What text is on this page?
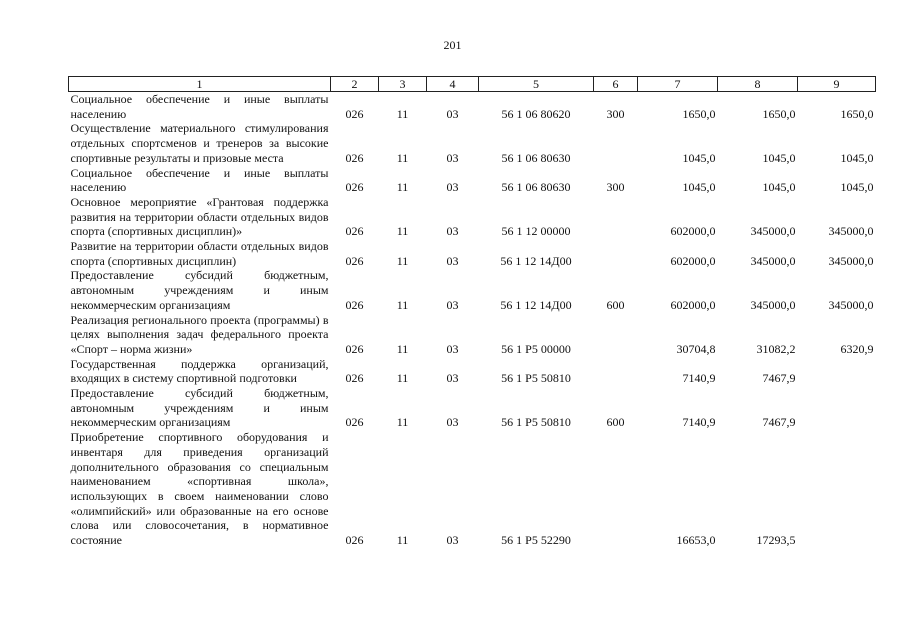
201
1	2	3	4	5	6	7	8	9
Социальное обеспечение и иные выплаты населению	026	11	03	56 1 06 80620	300	1650,0	1650,0	1650,0
Осуществление материального стимулирования отдельных спортсменов и тренеров за высокие спортивные результаты и призовые места	026	11	03	56 1 06 80630		1045,0	1045,0	1045,0
Социальное обеспечение и иные выплаты населению	026	11	03	56 1 06 80630	300	1045,0	1045,0	1045,0
Основное мероприятие «Грантовая поддержка развития на территории области отдельных видов спорта (спортивных дисциплин)»	026	11	03	56 1 12 00000		602000,0	345000,0	345000,0
Развитие на территории области отдельных видов спорта (спортивных дисциплин)	026	11	03	56 1 12 14Д00		602000,0	345000,0	345000,0
Предоставление субсидий бюджетным, автономным учреждениям и иным некоммерческим организациям	026	11	03	56 1 12 14Д00	600	602000,0	345000,0	345000,0
Реализация регионального проекта (программы) в целях выполнения задач федерального проекта «Спорт – норма жизни»	026	11	03	56 1 Р5 00000		30704,8	31082,2	6320,9
Государственная поддержка организаций, входящих в систему спортивной подготовки	026	11	03	56 1 Р5 50810		7140,9	7467,9	
Предоставление субсидий бюджетным, автономным учреждениям и иным некоммерческим организациям	026	11	03	56 1 Р5 50810	600	7140,9	7467,9	
Приобретение спортивного оборудования и инвентаря для приведения организаций дополнительного образования со специальным наименованием «спортивная школа», использующих в своем наименовании слово «олимпийский» или образованные на его основе слова или словосочетания, в нормативное состояние	026	11	03	56 1 Р5 52290		16653,0	17293,5	
